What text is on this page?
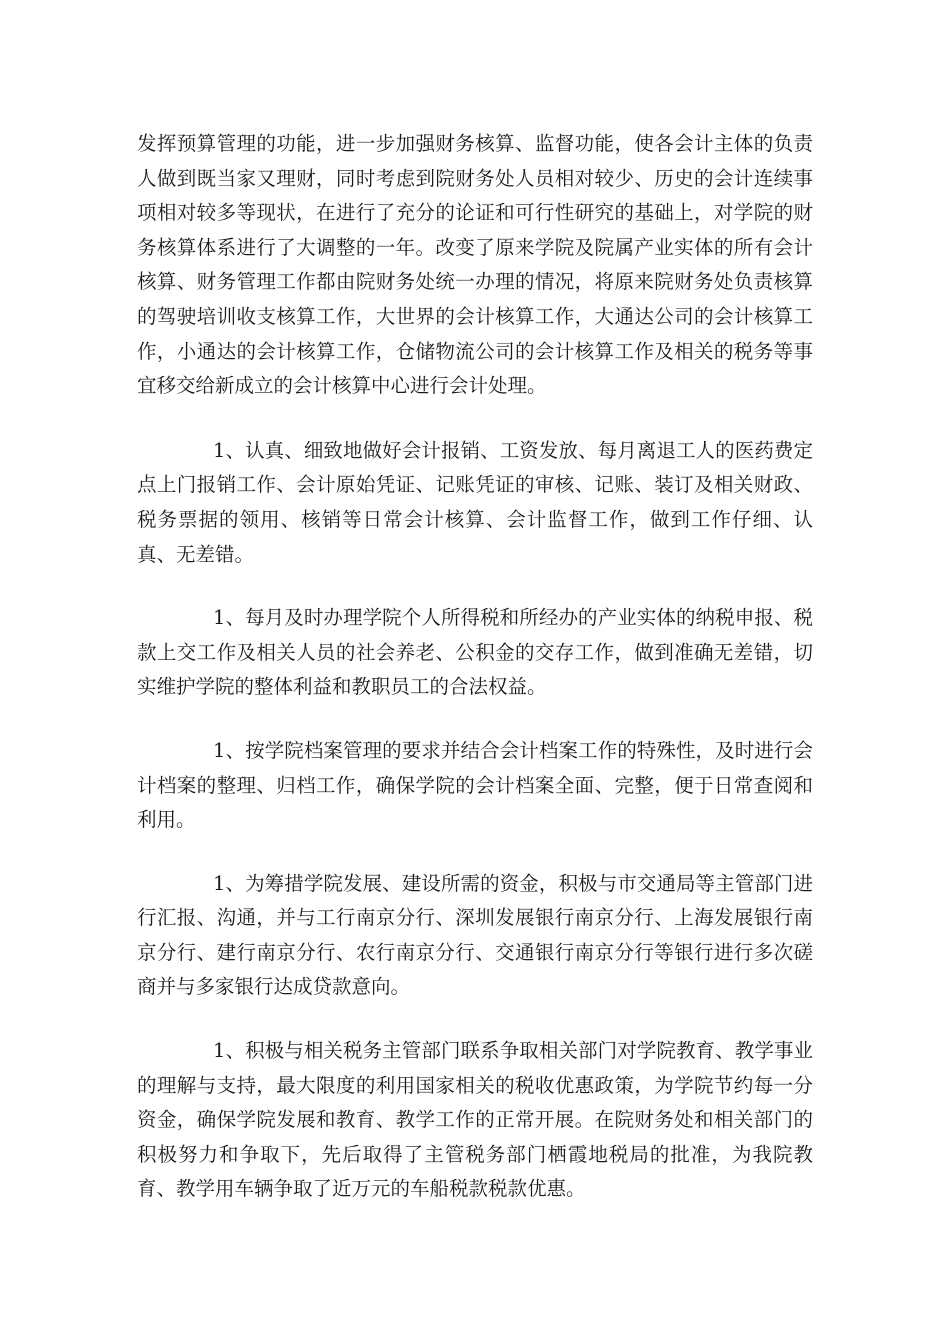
发挥预算管理的功能，进一步加强财务核算、监督功能，使各会计主体的负责人做到既当家又理财，同时考虑到院财务处人员相对较少、历史的会计连续事项相对较多等现状，在进行了充分的论证和可行性研究的基础上，对学院的财务核算体系进行了大调整的一年。改变了原来学院及院属产业实体的所有会计核算、财务管理工作都由院财务处统一办理的情况，将原来院财务处负责核算的驾驶培训收支核算工作，大世界的会计核算工作，大通达公司的会计核算工作，小通达的会计核算工作，仓储物流公司的会计核算工作及相关的税务等事宜移交给新成立的会计核算中心进行会计处理。

1、认真、细致地做好会计报销、工资发放、每月离退工人的医药费定点上门报销工作、会计原始凭证、记账凭证的审核、记账、装订及相关财政、税务票据的领用、核销等日常会计核算、会计监督工作，做到工作仔细、认真、无差错。

1、每月及时办理学院个人所得税和所经办的产业实体的纳税申报、税款上交工作及相关人员的社会养老、公积金的交存工作，做到准确无差错，切实维护学院的整体利益和教职员工的合法权益。

1、按学院档案管理的要求并结合会计档案工作的特殊性，及时进行会计档案的整理、归档工作，确保学院的会计档案全面、完整，便于日常查阅和利用。

1、为筹措学院发展、建设所需的资金，积极与市交通局等主管部门进行汇报、沟通，并与工行南京分行、深圳发展银行南京分行、上海发展银行南京分行、建行南京分行、农行南京分行、交通银行南京分行等银行进行多次磋商并与多家银行达成贷款意向。

1、积极与相关税务主管部门联系争取相关部门对学院教育、教学事业的理解与支持，最大限度的利用国家相关的税收优惠政策，为学院节约每一分资金，确保学院发展和教育、教学工作的正常开展。在院财务处和相关部门的积极努力和争取下，先后取得了主管税务部门栖霞地税局的批准，为我院教育、教学用车辆争取了近万元的车船税款税款优惠。
